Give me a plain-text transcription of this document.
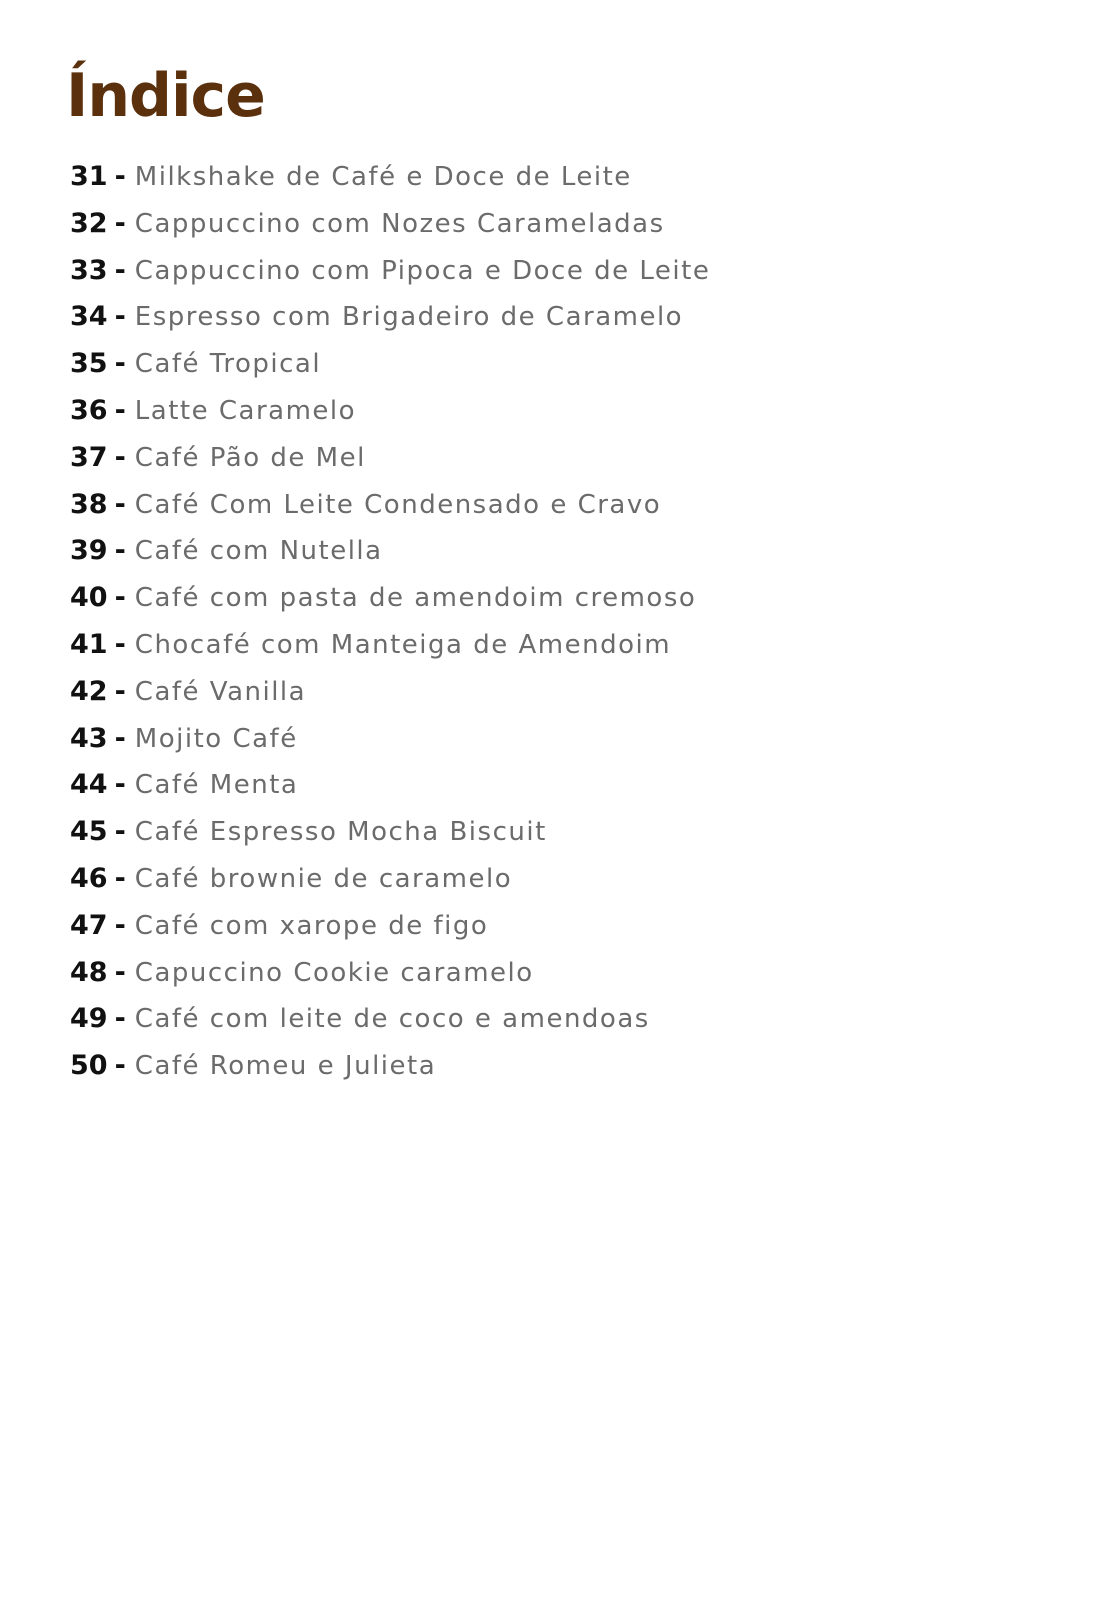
Índice
31 - Milkshake de Café e Doce de Leite
32 - Cappuccino com Nozes Carameladas
33 - Cappuccino com Pipoca e Doce de Leite
34 - Espresso com Brigadeiro de Caramelo
35 - Café Tropical
36 - Latte Caramelo
37 - Café Pão de Mel
38 - Café Com Leite Condensado e Cravo
39 - Café com Nutella
40 - Café com pasta de amendoim cremoso
41 - Chocafé com Manteiga de Amendoim
42 - Café Vanilla
43 - Mojito Café
44 - Café Menta
45 - Café Espresso Mocha Biscuit
46 - Café brownie de caramelo
47 - Café com xarope de figo
48 - Capuccino Cookie caramelo
49 - Café com leite de coco e amendoas
50 - Café Romeu e Julieta
